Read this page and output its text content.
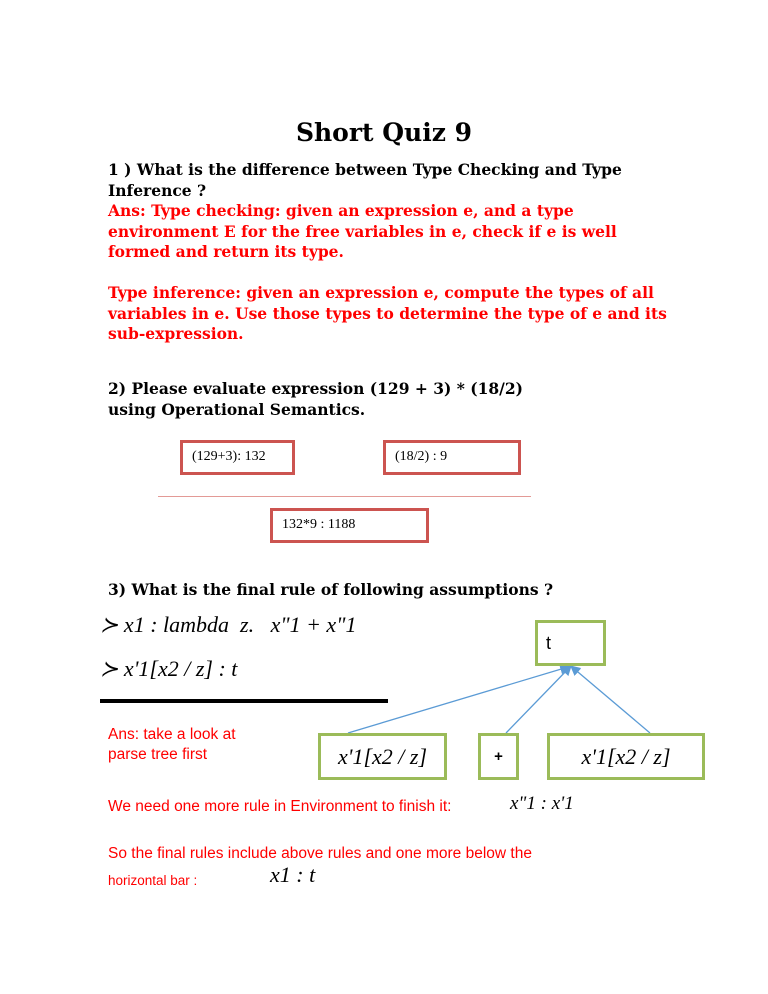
Short Quiz 9
1 ) What is the difference between Type Checking and Type Inference ?
Ans: Type checking: given an expression e, and a type environment E for the free variables in e, check if e is well formed and return its type.
Type inference: given an expression e, compute the types of all variables in e. Use those types to determine the type of e and its sub-expression.
2) Please evaluate expression (129 + 3) * (18/2)
using Operational Semantics.
(129+3): 132	(18/2) : 9
132*9 : 1188
3) What is the final rule of following assumptions ?
≻ x1 : lambda  z.   x"1 + x"1
≻ x'1[x2 / z] : t
Ans: take a look at
parse tree first
t
x'1[x2 / z]	+	x'1[x2 / z]
We need one more rule in Environment to finish it:	x"1 : x'1
So the final rules include above rules and one more below the
horizontal bar :	x1 : t
